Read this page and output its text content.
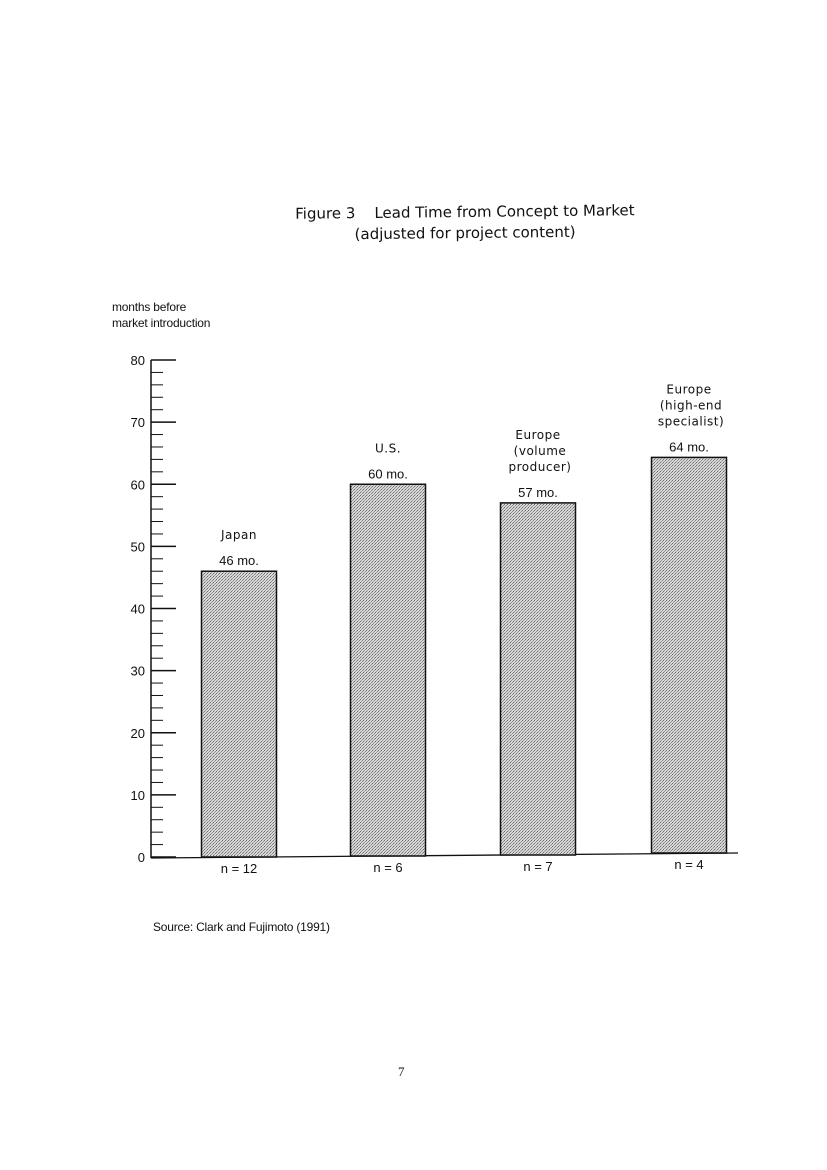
Figure 3    Lead Time from Concept to Market
(adjusted for project content)
months before
market introduction
0
10
20
30
40
50
60
70
80
46 mo.
Japan
n = 12
60 mo.
U.S.
n = 6
57 mo.
Europe
(volume
producer)
n = 7
64 mo.
Europe
(high-end
specialist)
n = 4
Source: Clark and Fujimoto (1991)
7
